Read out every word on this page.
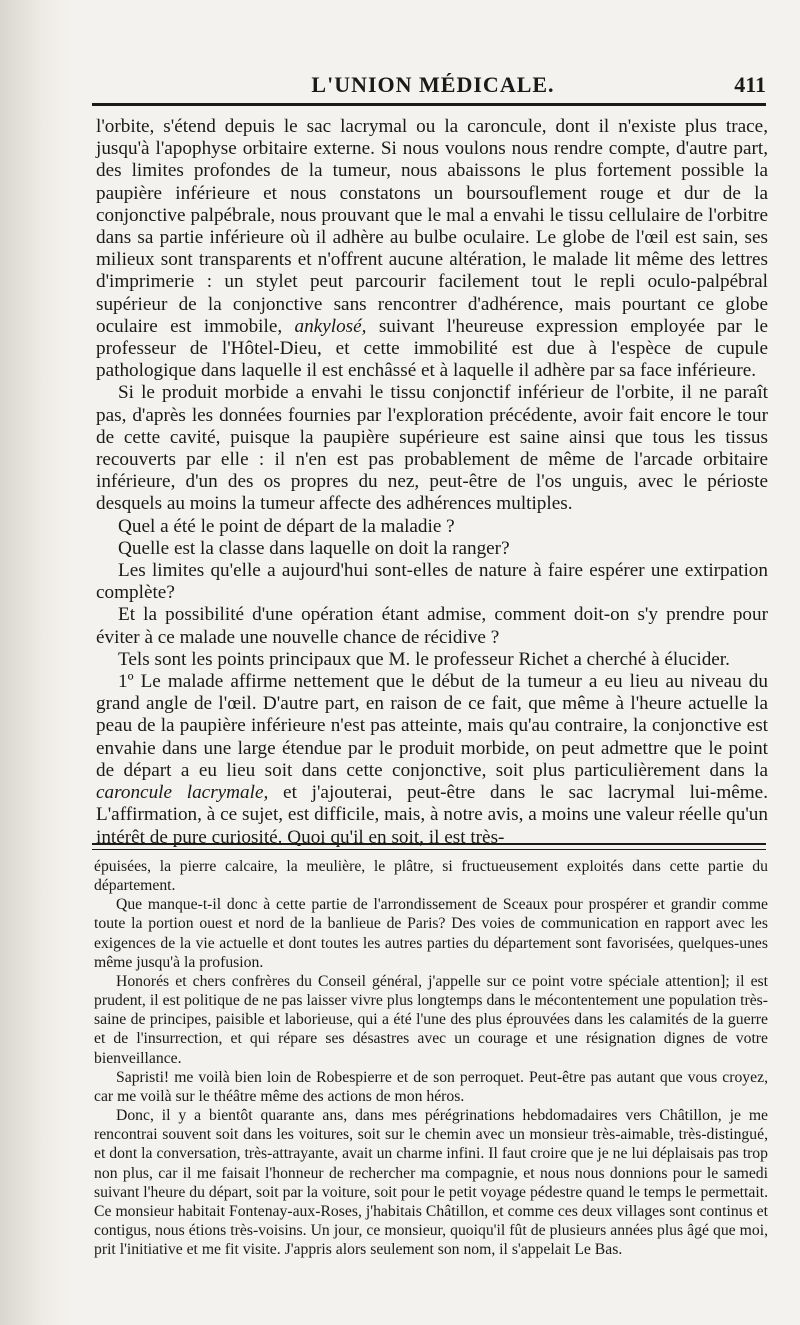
L'UNION MÉDICALE.	411

l'orbite, s'étend depuis le sac lacrymal ou la caroncule, dont il n'existe plus trace, jusqu'à l'apophyse orbitaire externe. Si nous voulons nous rendre compte, d'autre part, des limites profondes de la tumeur, nous abaissons le plus fortement possible la paupière inférieure et nous constatons un boursouflement rouge et dur de la conjonctive palpébrale, nous prouvant que le mal a envahi le tissu cellulaire de l'orbitre dans sa partie inférieure où il adhère au bulbe oculaire. Le globe de l'œil est sain, ses milieux sont transparents et n'offrent aucune altération, le malade lit même des lettres d'imprimerie : un stylet peut parcourir facilement tout le repli oculo-palpébral supérieur de la conjonctive sans rencontrer d'adhérence, mais pourtant ce globe oculaire est immobile, ankylosé, suivant l'heureuse expression employée par le professeur de l'Hôtel-Dieu, et cette immobilité est due à l'espèce de cupule pathologique dans laquelle il est enchâssé et à laquelle il adhère par sa face inférieure.

Si le produit morbide a envahi le tissu conjonctif inférieur de l'orbite, il ne paraît pas, d'après les données fournies par l'exploration précédente, avoir fait encore le tour de cette cavité, puisque la paupière supérieure est saine ainsi que tous les tissus recouverts par elle : il n'en est pas probablement de même de l'arcade orbitaire inférieure, d'un des os propres du nez, peut-être de l'os unguis, avec le périoste desquels au moins la tumeur affecte des adhérences multiples.

Quel a été le point de départ de la maladie ?

Quelle est la classe dans laquelle on doit la ranger?

Les limites qu'elle a aujourd'hui sont-elles de nature à faire espérer une extirpation complète?

Et la possibilité d'une opération étant admise, comment doit-on s'y prendre pour éviter à ce malade une nouvelle chance de récidive ?

Tels sont les points principaux que M. le professeur Richet a cherché à élucider.

1º Le malade affirme nettement que le début de la tumeur a eu lieu au niveau du grand angle de l'œil. D'autre part, en raison de ce fait, que même à l'heure actuelle la peau de la paupière inférieure n'est pas atteinte, mais qu'au contraire, la conjonctive est envahie dans une large étendue par le produit morbide, on peut admettre que le point de départ a eu lieu soit dans cette conjonctive, soit plus particulièrement dans la caroncule lacrymale, et j'ajouterai, peut-être dans le sac lacrymal lui-même. L'affirmation, à ce sujet, est difficile, mais, à notre avis, a moins une valeur réelle qu'un intérêt de pure curiosité. Quoi qu'il en soit, il est très-

épuisées, la pierre calcaire, la meulière, le plâtre, si fructueusement exploités dans cette partie du département.

Que manque-t-il donc à cette partie de l'arrondissement de Sceaux pour prospérer et grandir comme toute la portion ouest et nord de la banlieue de Paris? Des voies de communication en rapport avec les exigences de la vie actuelle et dont toutes les autres parties du département sont favorisées, quelques-unes même jusqu'à la profusion.

Honorés et chers confrères du Conseil général, j'appelle sur ce point votre spéciale attention]; il est prudent, il est politique de ne pas laisser vivre plus longtemps dans le mécontentement une population très-saine de principes, paisible et laborieuse, qui a été l'une des plus éprouvées dans les calamités de la guerre et de l'insurrection, et qui répare ses désastres avec un courage et une résignation dignes de votre bienveillance.

Sapristi! me voilà bien loin de Robespierre et de son perroquet. Peut-être pas autant que vous croyez, car me voilà sur le théâtre même des actions de mon héros.

Donc, il y a bientôt quarante ans, dans mes pérégrinations hebdomadaires vers Châtillon, je me rencontrai souvent soit dans les voitures, soit sur le chemin avec un monsieur très-aimable, très-distingué, et dont la conversation, très-attrayante, avait un charme infini. Il faut croire que je ne lui déplaisais pas trop non plus, car il me faisait l'honneur de rechercher ma compagnie, et nous nous donnions pour le samedi suivant l'heure du départ, soit par la voiture, soit pour le petit voyage pédestre quand le temps le permettait. Ce monsieur habitait Fontenay-aux-Roses, j'habitais Châtillon, et comme ces deux villages sont continus et contigus, nous étions très-voisins. Un jour, ce monsieur, quoiqu'il fût de plusieurs années plus âgé que moi, prit l'initiative et me fit visite. J'appris alors seulement son nom, il s'appelait Le Bas.
